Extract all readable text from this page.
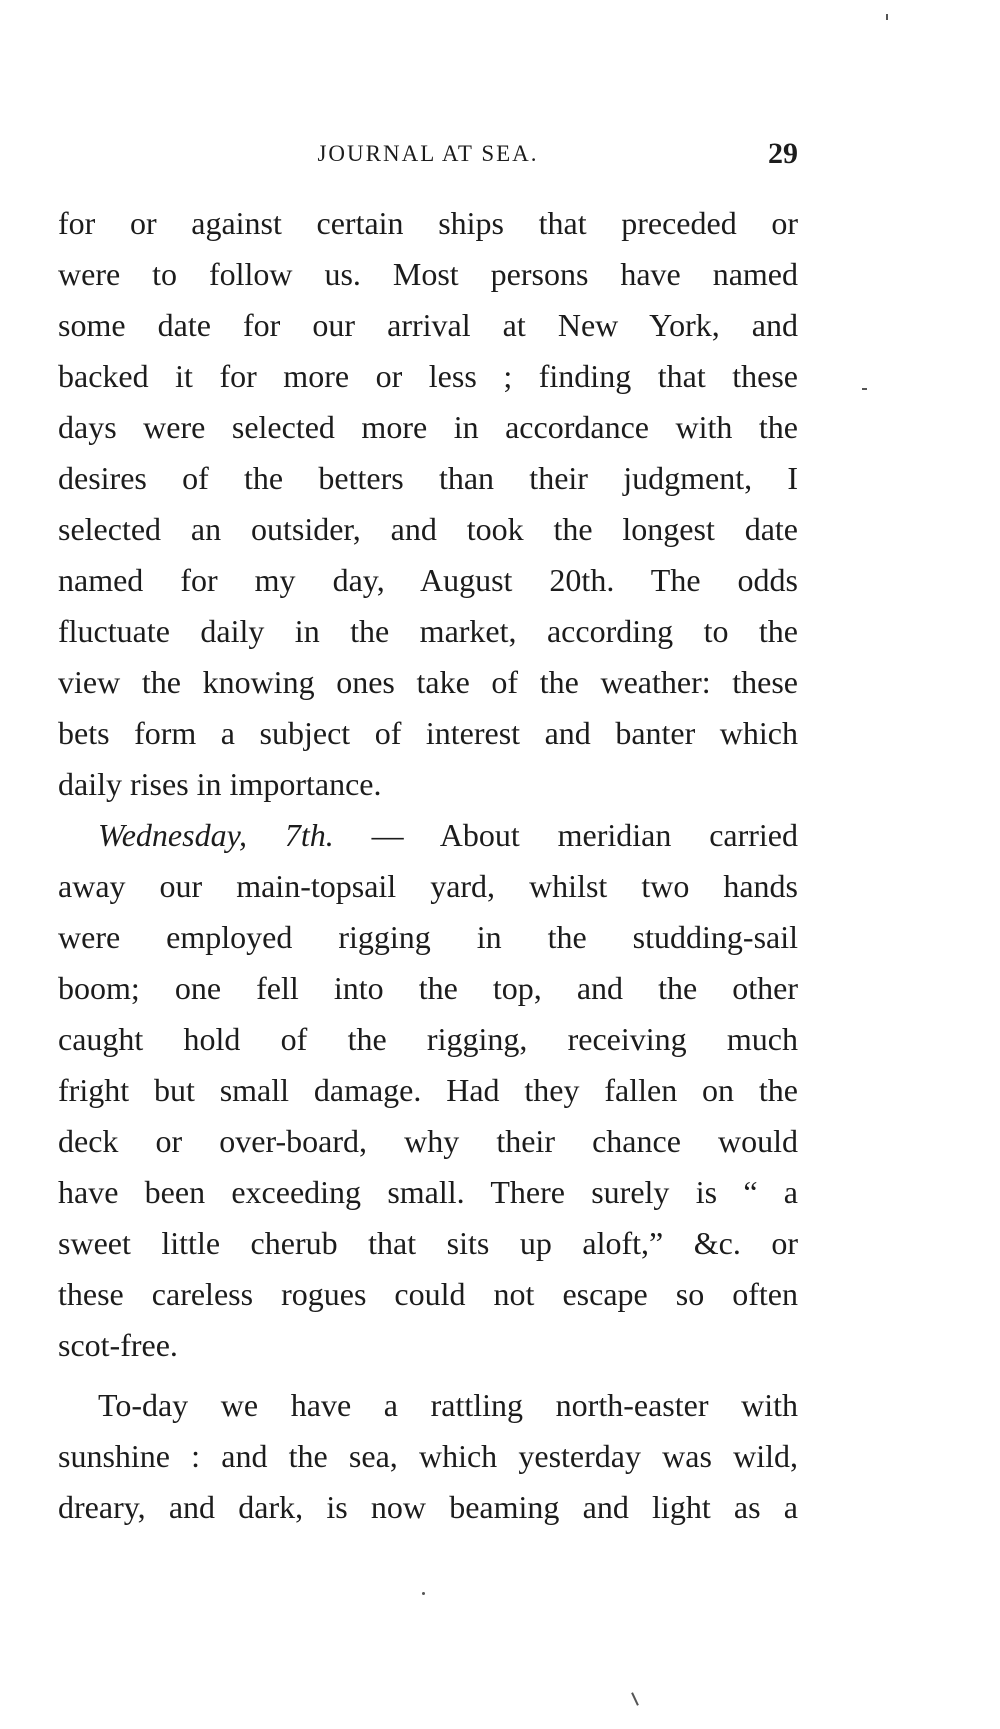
JOURNAL AT SEA.	29
for or against certain ships that preceded or
were to follow us. Most persons have named
some date for our arrival at New York, and
backed it for more or less ; finding that these
days were selected more in accordance with the
desires of the betters than their judgment, I
selected an outsider, and took the longest date
named for my day, August 20th. The odds
fluctuate daily in the market, according to the
view the knowing ones take of the weather: these
bets form a subject of interest and banter which
daily rises in importance.
Wednesday, 7th. — About meridian carried
away our main-topsail yard, whilst two hands
were employed rigging in the studding-sail
boom; one fell into the top, and the other
caught hold of the rigging, receiving much
fright but small damage. Had they fallen on the
deck or over-board, why their chance would
have been exceeding small. There surely is “ a
sweet little cherub that sits up aloft,” &c. or
these careless rogues could not escape so often
scot-free.
To-day we have a rattling north-easter with
sunshine : and the sea, which yesterday was wild,
dreary, and dark, is now beaming and light as a
